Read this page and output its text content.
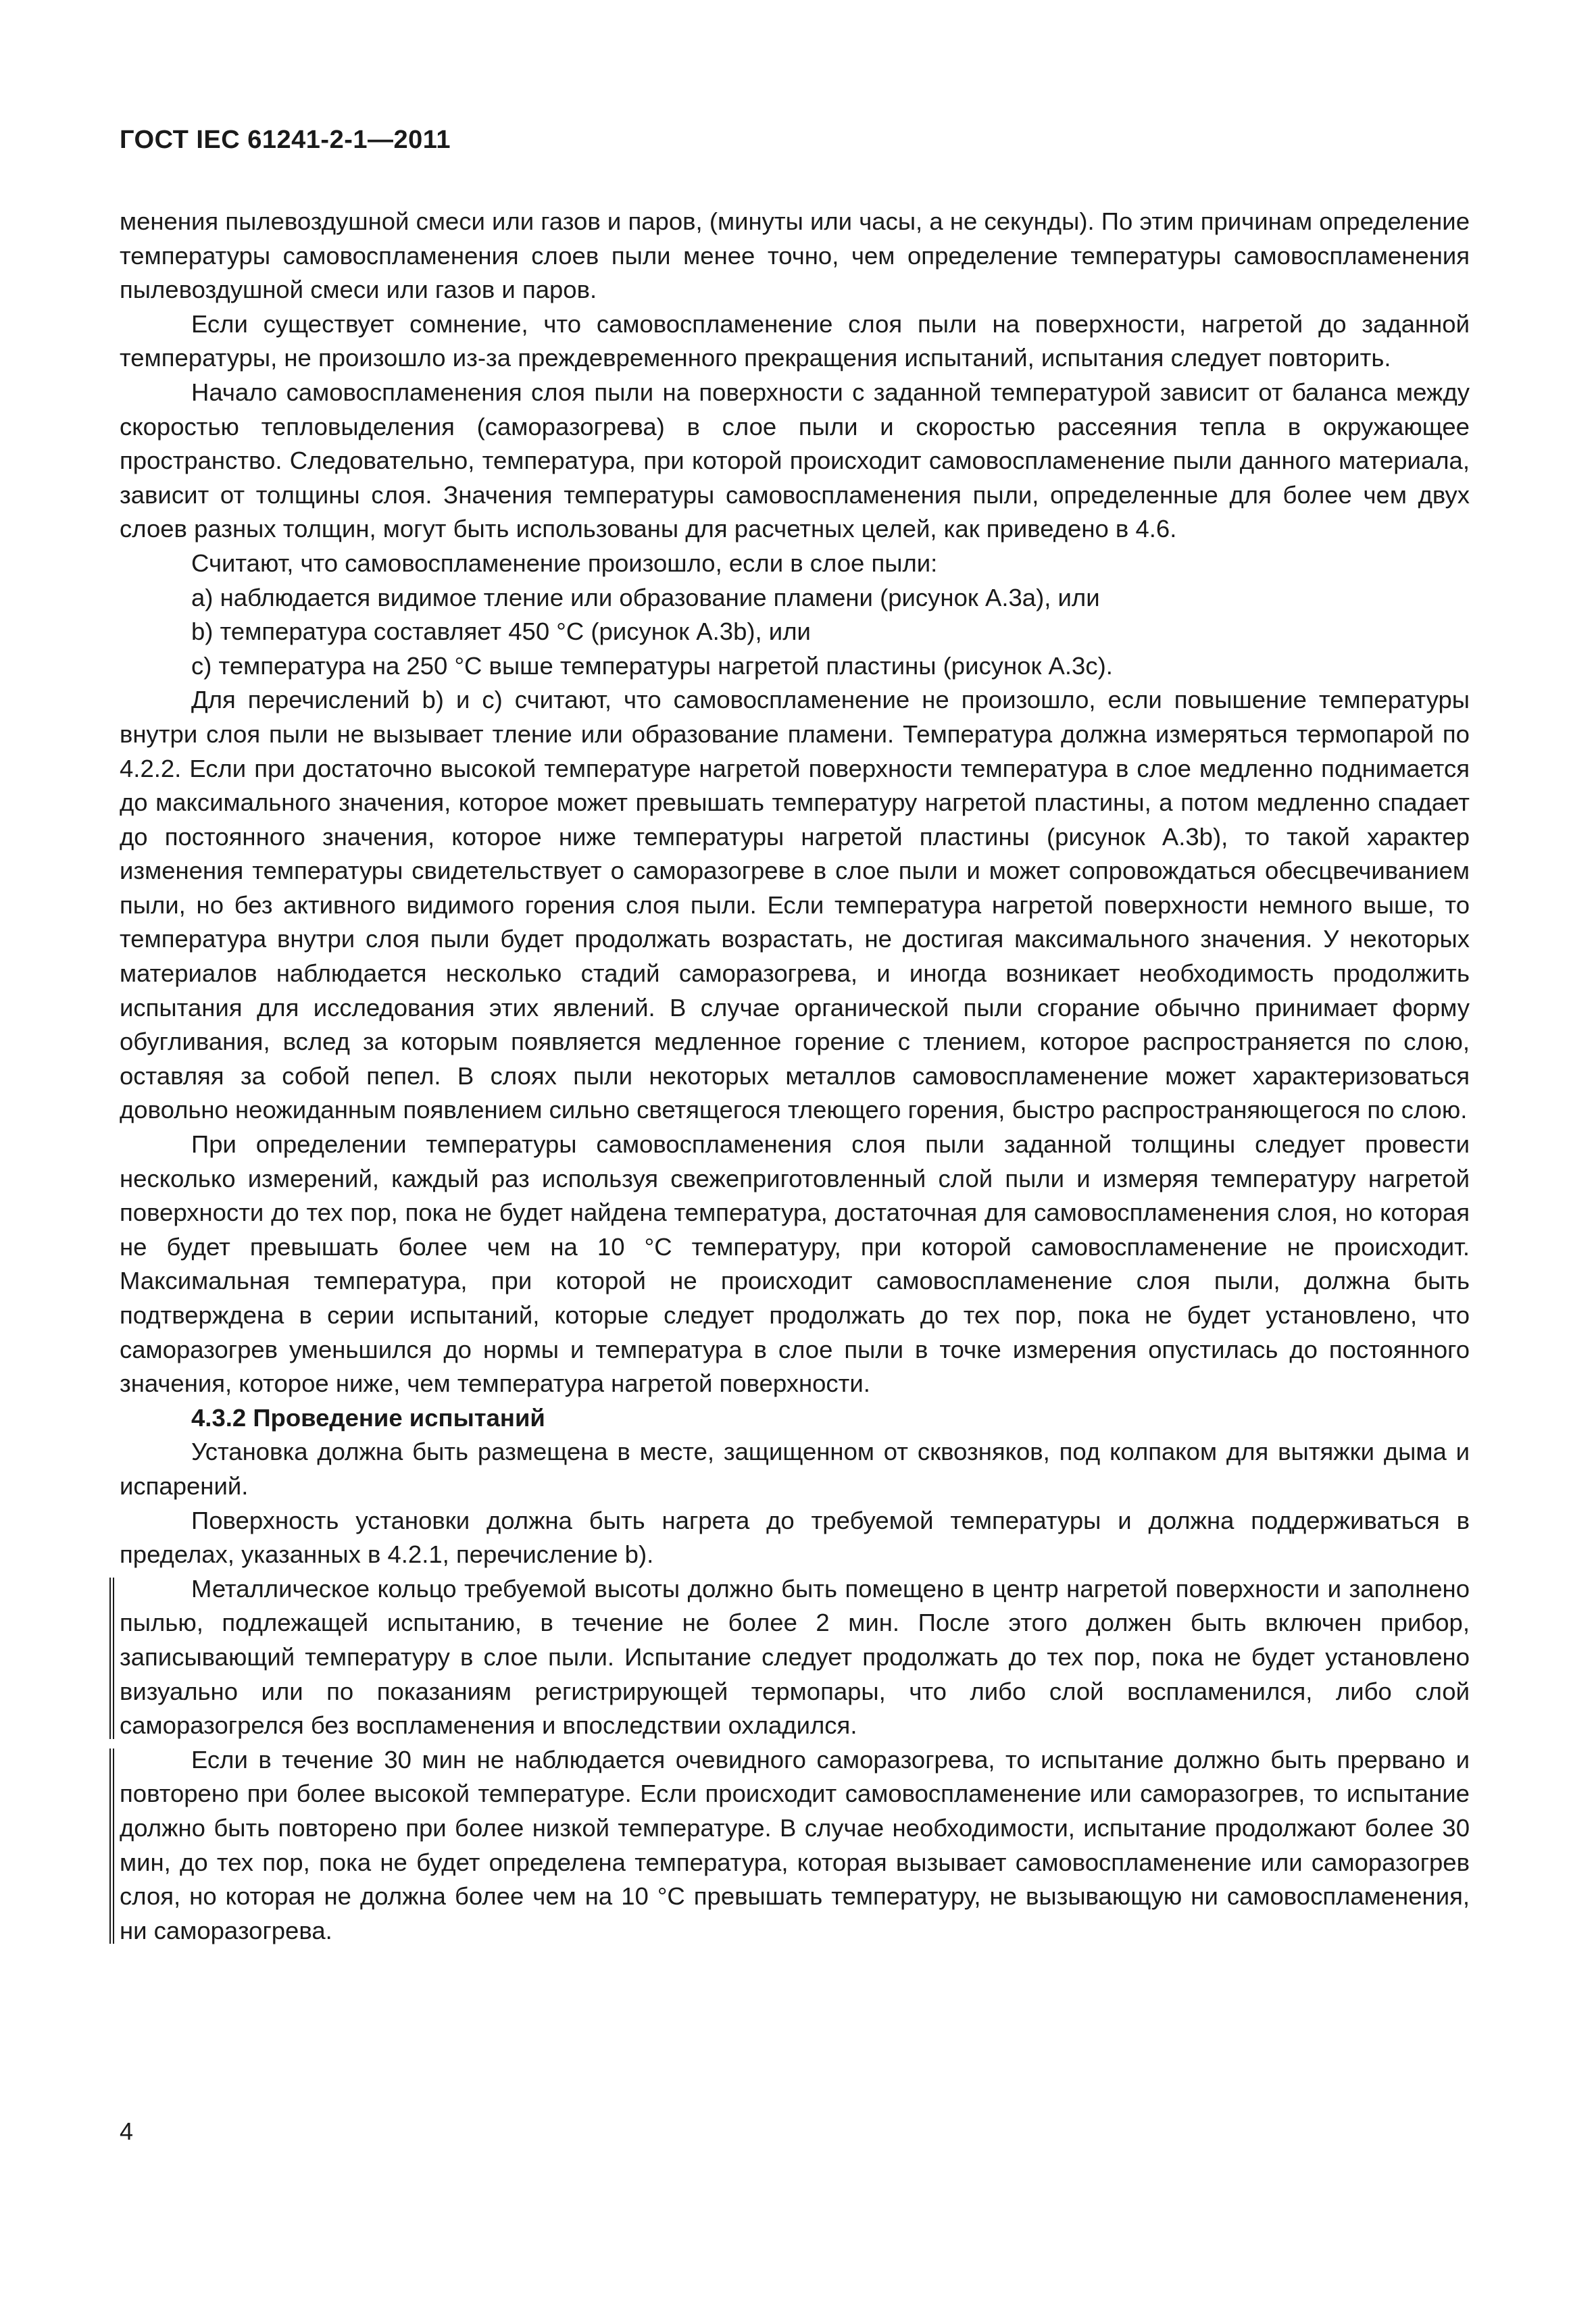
ГОСТ IEC 61241-2-1—2011

менения пылевоздушной смеси или газов и паров, (минуты или часы, а не секунды). По этим причинам определение температуры самовоспламенения слоев пыли менее точно, чем определение температуры самовоспламенения пылевоздушной смеси или газов и паров.

Если существует сомнение, что самовоспламенение слоя пыли на поверхности, нагретой до заданной температуры, не произошло из-за преждевременного прекращения испытаний, испытания следует повторить.

Начало самовоспламенения слоя пыли на поверхности с заданной температурой зависит от баланса между скоростью тепловыделения (саморазогрева) в слое пыли и скоростью рассеяния тепла в окружающее пространство. Следовательно, температура, при которой происходит самовоспламенение пыли данного материала, зависит от толщины слоя. Значения температуры самовоспламенения пыли, определенные для более чем двух слоев разных толщин, могут быть использованы для расчетных целей, как приведено в 4.6.

Считают, что самовоспламенение произошло, если в слое пыли:

a) наблюдается видимое тление или образование пламени (рисунок А.3a), или

b) температура составляет 450 °С (рисунок А.3b), или

c) температура на 250 °С выше температуры нагретой пластины (рисунок А.3c).

Для перечислений b) и c) считают, что самовоспламенение не произошло, если повышение температуры внутри слоя пыли не вызывает тление или образование пламени. Температура должна измеряться термопарой по 4.2.2. Если при достаточно высокой температуре нагретой поверхности температура в слое медленно поднимается до максимального значения, которое может превышать температуру нагретой пластины, а потом медленно спадает до постоянного значения, которое ниже температуры нагретой пластины (рисунок А.3b), то такой характер изменения температуры свидетельствует о саморазогреве в слое пыли и может сопровождаться обесцвечиванием пыли, но без активного видимого горения слоя пыли. Если температура нагретой поверхности немного выше, то температура внутри слоя пыли будет продолжать возрастать, не достигая максимального значения. У некоторых материалов наблюдается несколько стадий саморазогрева, и иногда возникает необходимость продолжить испытания для исследования этих явлений. В случае органической пыли сгорание обычно принимает форму обугливания, вслед за которым появляется медленное горение с тлением, которое распространяется по слою, оставляя за собой пепел. В слоях пыли некоторых металлов самовоспламенение может характеризоваться довольно неожиданным появлением сильно светящегося тлеющего горения, быстро распространяющегося по слою.

При определении температуры самовоспламенения слоя пыли заданной толщины следует провести несколько измерений, каждый раз используя свежеприготовленный слой пыли и измеряя температуру нагретой поверхности до тех пор, пока не будет найдена температура, достаточная для самовоспламенения слоя, но которая не будет превышать более чем на 10 °С температуру, при которой самовоспламенение не происходит. Максимальная температура, при которой не происходит самовоспламенение слоя пыли, должна быть подтверждена в серии испытаний, которые следует продолжать до тех пор, пока не будет установлено, что саморазогрев уменьшился до нормы и температура в слое пыли в точке измерения опустилась до постоянного значения, которое ниже, чем температура нагретой поверхности.

4.3.2 Проведение испытаний

Установка должна быть размещена в месте, защищенном от сквозняков, под колпаком для вытяжки дыма и испарений.

Поверхность установки должна быть нагрета до требуемой температуры и должна поддерживаться в пределах, указанных в 4.2.1, перечисление b).

Металлическое кольцо требуемой высоты должно быть помещено в центр нагретой поверхности и заполнено пылью, подлежащей испытанию, в течение не более 2 мин. После этого должен быть включен прибор, записывающий температуру в слое пыли. Испытание следует продолжать до тех пор, пока не будет установлено визуально или по показаниям регистрирующей термопары, что либо слой воспламенился, либо слой саморазогрелся без воспламенения и впоследствии охладился.

Если в течение 30 мин не наблюдается очевидного саморазогрева, то испытание должно быть прервано и повторено при более высокой температуре. Если происходит самовоспламенение или саморазогрев, то испытание должно быть повторено при более низкой температуре. В случае необходимости, испытание продолжают более 30 мин, до тех пор, пока не будет определена температура, которая вызывает самовоспламенение или саморазогрев слоя, но которая не должна более чем на 10 °С превышать температуру, не вызывающую ни самовоспламенения, ни саморазогрева.

4
